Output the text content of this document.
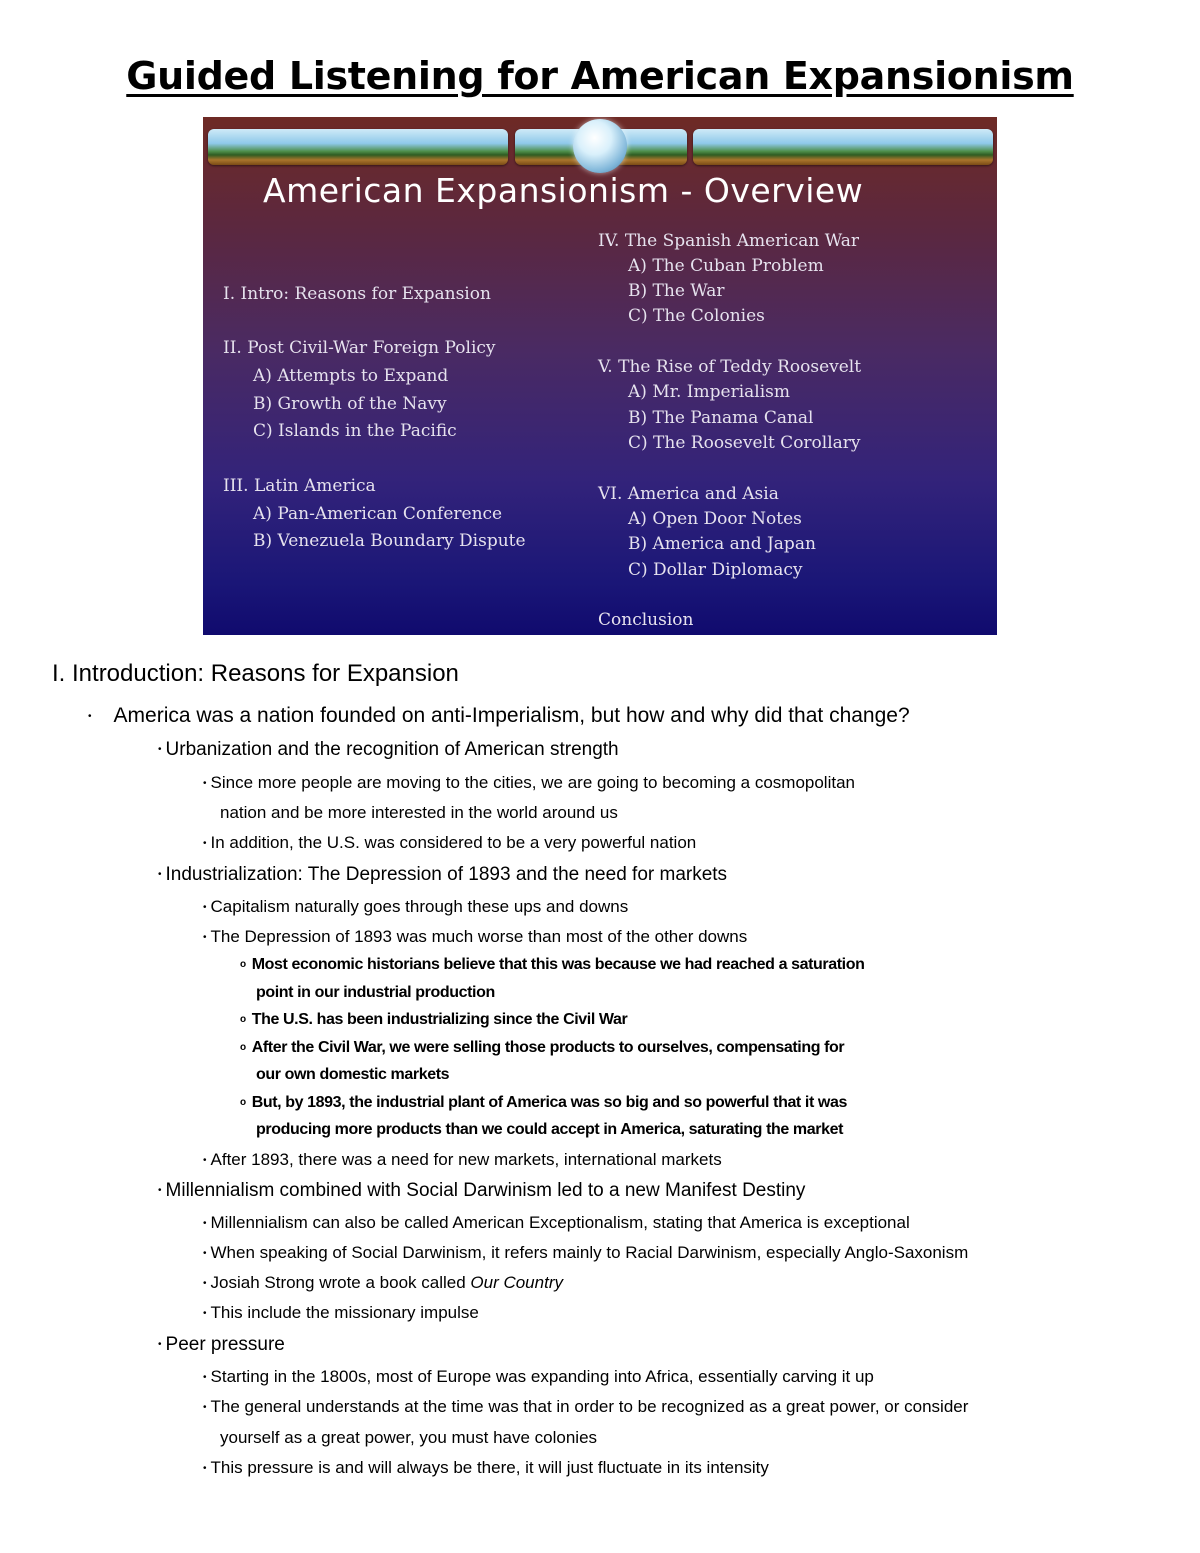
Guided Listening for American Expansionism
American Expansionism - Overview
I. Intro: Reasons for Expansion
II. Post Civil-War Foreign Policy
A) Attempts to Expand
B) Growth of the Navy
C) Islands in the Pacific
III. Latin America
A) Pan-American Conference
B) Venezuela Boundary Dispute
IV. The Spanish American War
A) The Cuban Problem
B) The War
C) The Colonies
V. The Rise of Teddy Roosevelt
A) Mr. Imperialism
B) The Panama Canal
C) The Roosevelt Corollary
VI. America and Asia
A) Open Door Notes
B) America and Japan
C) Dollar Diplomacy
Conclusion
I. Introduction: Reasons for Expansion
• America was a nation founded on anti-Imperialism, but how and why did that change?
• Urbanization and the recognition of American strength
• Since more people are moving to the cities, we are going to becoming a cosmopolitan
nation and be more interested in the world around us
• In addition, the U.S. was considered to be a very powerful nation
• Industrialization: The Depression of 1893 and the need for markets
• Capitalism naturally goes through these ups and downs
• The Depression of 1893 was much worse than most of the other downs
o Most economic historians believe that this was because we had reached a saturation
point in our industrial production
o The U.S. has been industrializing since the Civil War
o After the Civil War, we were selling those products to ourselves, compensating for
our own domestic markets
o But, by 1893, the industrial plant of America was so big and so powerful that it was
producing more products than we could accept in America, saturating the market
• After 1893, there was a need for new markets, international markets
• Millennialism combined with Social Darwinism led to a new Manifest Destiny
• Millennialism can also be called American Exceptionalism, stating that America is exceptional
• When speaking of Social Darwinism, it refers mainly to Racial Darwinism, especially Anglo-Saxonism
• Josiah Strong wrote a book called Our Country
• This include the missionary impulse
• Peer pressure
• Starting in the 1800s, most of Europe was expanding into Africa, essentially carving it up
• The general understands at the time was that in order to be recognized as a great power, or consider
yourself as a great power, you must have colonies
• This pressure is and will always be there, it will just fluctuate in its intensity
